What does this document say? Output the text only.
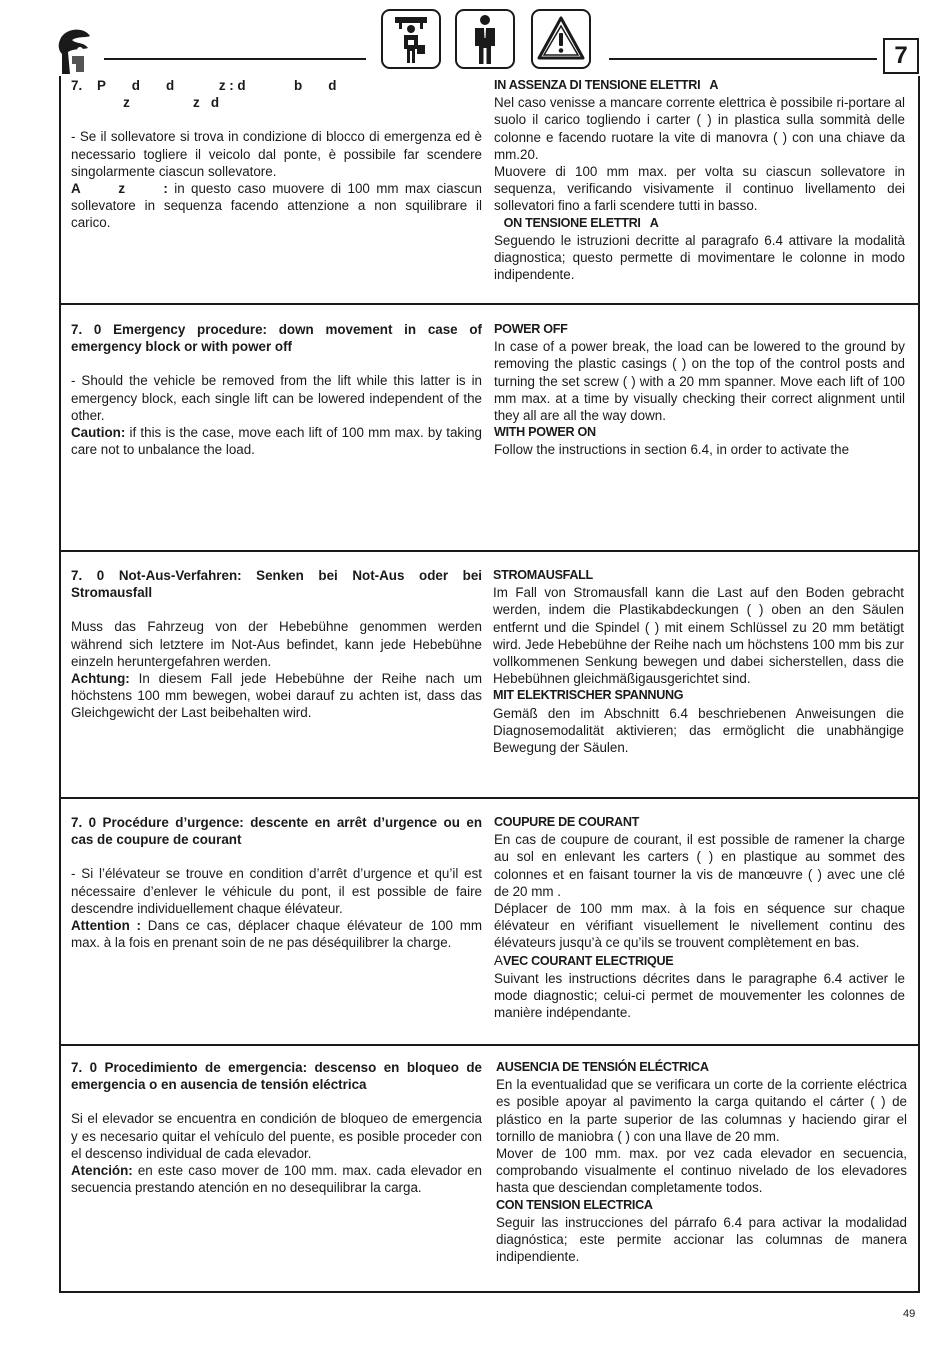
7

7.    P       d       d            z : d             b       d

z                 z   d

- Se il sollevatore si trova in condizione di blocco di emergenza ed è necessario togliere il veicolo dal ponte, è possibile far scendere singolarmente ciascun sollevatore.

A      z      : in questo caso muovere di 100 mm max ciascun sollevatore in sequenza facendo attenzione a non squilibrare il carico.

IN ASSENZA DI TENSIONE ELETTRI   A

Nel caso venisse a mancare corrente elettrica è possibile ri-portare al suolo il carico togliendo i carter ( ) in plastica sulla sommità delle colonne e facendo ruotare la vite di manovra ( ) con una chiave da mm.20.

Muovere di 100 mm max. per volta su ciascun sollevatore in sequenza, verificando visivamente il continuo livellamento dei sollevatori fino a farli scendere tutti in basso.

ON TENSIONE ELETTRI   A

Seguendo le istruzioni decritte al paragrafo 6.4 attivare la modalità diagnostica; questo permette di movimentare le colonne in modo indipendente.

7. 0 Emergency procedure: down movement in case of emergency block or with power off

- Should the vehicle be removed from the lift while this latter is in emergency block, each single lift can be lowered independent of the other.

Caution: if this is the case, move each lift of 100 mm max. by taking care not to unbalance the load.

POWER OFF

In case of a power break, the load can be lowered to the ground by removing the plastic casings ( ) on the top of the control posts and turning the set screw ( ) with a 20 mm spanner. Move each lift of 100 mm max. at a time by visually checking their correct alignment until they all are all the way down.

WITH POWER ON

Follow the instructions in section 6.4, in order to activate the

7. 0 Not-Aus-Verfahren: Senken bei Not-Aus oder bei Stromausfall

Muss das Fahrzeug von der Hebebühne genommen werden während sich letztere im Not-Aus befindet, kann jede Hebebühne einzeln heruntergefahren werden.

Achtung: In diesem Fall jede Hebebühne der Reihe nach um höchstens 100 mm bewegen, wobei darauf zu achten ist, dass das Gleichgewicht der Last beibehalten wird.

STROMAUSFALL

Im Fall von Stromausfall kann die Last auf den Boden gebracht werden, indem die Plastikabdeckungen ( ) oben an den Säulen entfernt und die Spindel ( ) mit einem Schlüssel zu 20 mm betätigt wird. Jede Hebebühne der Reihe nach um höchstens 100 mm bis zur vollkommenen Senkung bewegen und dabei sicherstellen, dass die Hebebühnen gleichmäßigausgerichtet sind.

MIT ELEKTRISCHER SPANNUNG

Gemäß den im Abschnitt 6.4 beschriebenen Anweisungen die Diagnosemodalität aktivieren; das ermöglicht die unabhängige Bewegung der Säulen.

7. 0 Procédure d’urgence: descente en arrêt d’urgence ou en cas de coupure de courant

- Si l’élévateur se trouve en condition d’arrêt d’urgence et qu’il est nécessaire d’enlever le véhicule du pont, il est possible de faire descendre individuellement chaque élévateur.

Attention : Dans ce cas, déplacer chaque élévateur de 100 mm max. à la fois en prenant soin de ne pas déséquilibrer la charge.

COUPURE DE COURANT

En cas de coupure de courant, il est possible de ramener la charge au sol en enlevant les carters ( ) en plastique au sommet des colonnes et en faisant tourner la vis de manœuvre ( ) avec une clé de 20 mm .

Déplacer de 100 mm max. à la fois en séquence sur chaque élévateur en vérifiant visuellement le nivellement continu des élévateurs jusqu’à ce qu’ils se trouvent complètement en bas.

AVEC COURANT ELECTRIQUE

Suivant les instructions décrites dans le paragraphe 6.4 activer le mode diagnostic; celui-ci permet de mouvementer les colonnes de manière indépendante.

7. 0 Procedimiento de emergencia: descenso en bloqueo de emergencia o en ausencia de tensión eléctrica

Si el elevador se encuentra en condición de bloqueo de emergencia y es necesario quitar el vehículo del puente, es posible proceder con el descenso individual de cada elevador.

Atención: en este caso mover de 100 mm. max. cada elevador en secuencia prestando atención en no desequilibrar la carga.

AUSENCIA DE TENSIÓN ELÉCTRICA

En la eventualidad que se verificara un corte de la corriente eléctrica es posible apoyar al pavimento la carga quitando el cárter ( ) de plástico en la parte superior de las columnas y haciendo girar el tornillo de maniobra ( ) con una llave de 20 mm.

Mover de 100 mm. max. por vez cada elevador en secuencia, comprobando visualmente el continuo nivelado de los elevadores hasta que desciendan completamente todos.

CON TENSION ELECTRICA

Seguir las instrucciones del párrafo 6.4 para activar la modalidad diagnóstica; este permite accionar las columnas de manera indipendiente.

49
